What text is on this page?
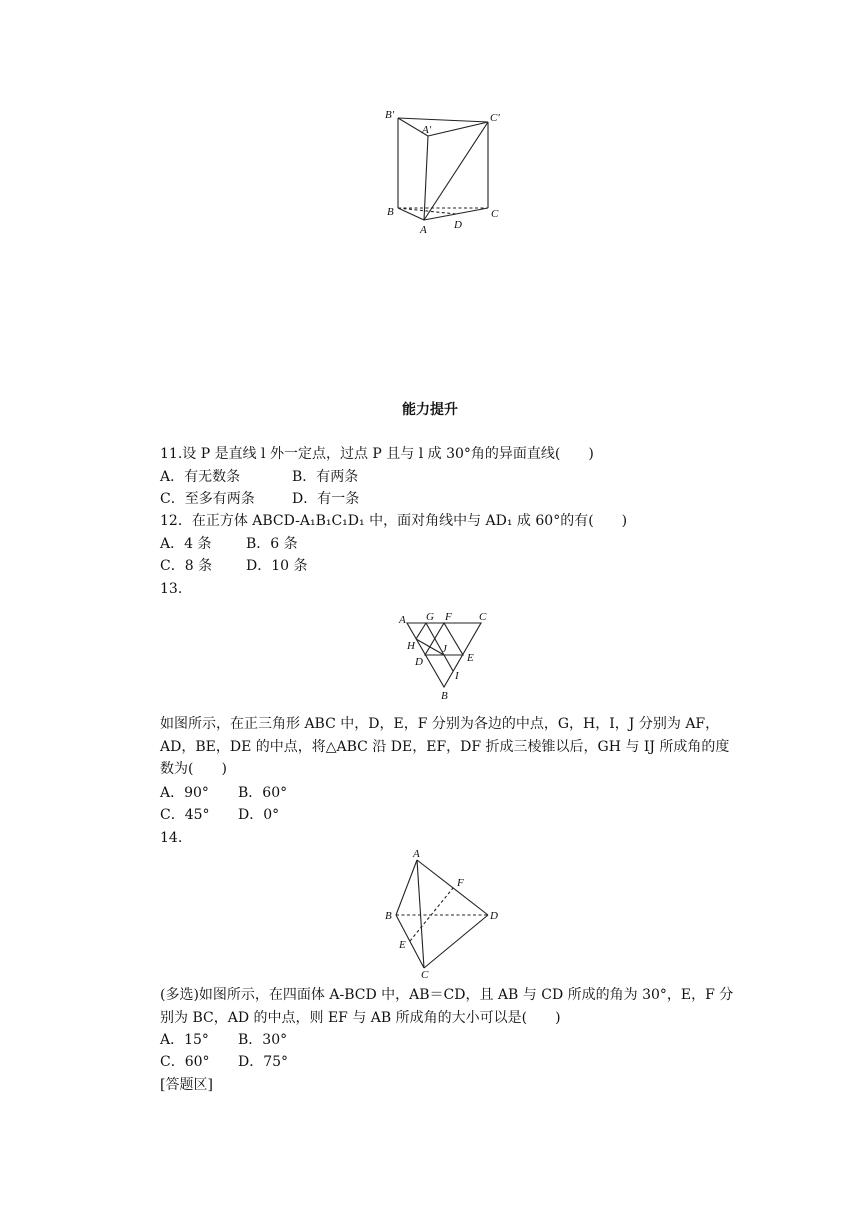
B′
A′
C′
B	C
A D
能力提升
11.设 P 是直线 l 外一定点，过点 P 且与 l 成 30°角的异面直线(　　)
A．有无数条	B．有两条
C．至多有两条	D．有一条
12．在正方体 ABCD-A₁B₁C₁D₁ 中，面对角线中与 AD₁ 成 60°的有(　　)
A．4 条 B．6 条
C．8 条 D．10 条
13.
A G F C
H J
D	E
I
B
如图所示，在正三角形 ABC 中，D，E，F 分别为各边的中点，G，H，I，J 分别为 AF，AD，BE，DE 的中点，将△ABC 沿 DE，EF，DF 折成三棱锥以后，GH 与 IJ 所成角的度数为(　　)
A．90° B．60°
C．45° D．0°
14.
A
F
B	D
E
C
(多选)如图所示，在四面体 A-BCD 中，AB＝CD，且 AB 与 CD 所成的角为 30°，E，F 分别为 BC，AD 的中点，则 EF 与 AB 所成角的大小可以是(　　)
A．15° B．30°
C．60° D．75°
[答题区]
